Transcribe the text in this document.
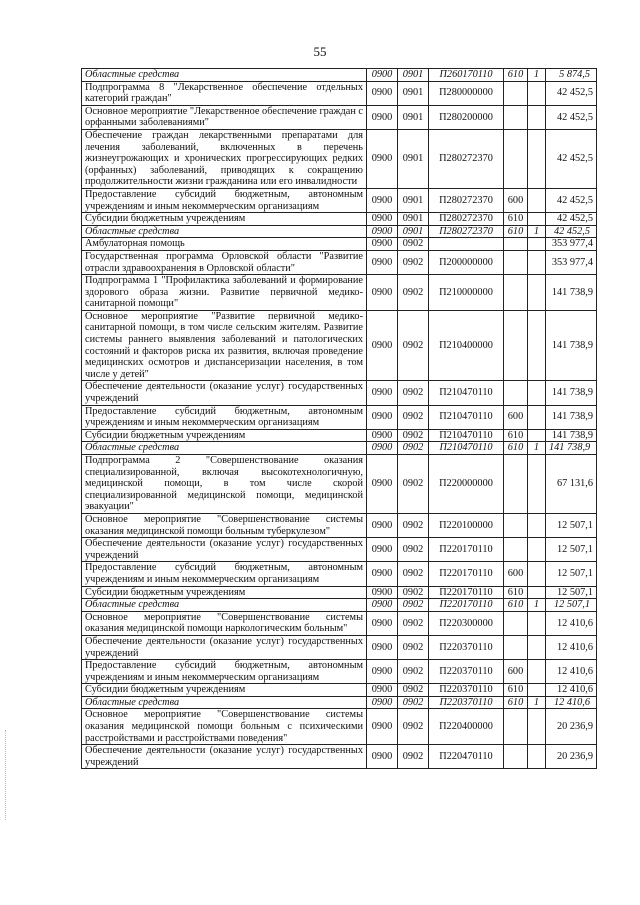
55
Областные средства	0900	0901	П260170110	610	1	5 874,5
Подпрограмма 8 "Лекарственное обеспечение отдельных категорий граждан"	0900	0901	П280000000			42 452,5
Основное мероприятие "Лекарственное обеспечение граждан с орфанными заболеваниями"	0900	0901	П280200000			42 452,5
Обеспечение граждан лекарственными препаратами для лечения заболеваний, включенных в перечень жизнеугрожающих и хронических прогрессирующих редких (орфанных) заболеваний, приводящих к сокращению продолжительности жизни гражданина или его инвалидности	0900	0901	П280272370			42 452,5
Предоставление субсидий бюджетным, автономным учреждениям и иным некоммерческим организациям	0900	0901	П280272370	600		42 452,5
Субсидии бюджетным учреждениям	0900	0901	П280272370	610		42 452,5
Областные средства	0900	0901	П280272370	610	1	42 452,5
Амбулаторная помощь	0900	0902				353 977,4
Государственная программа Орловской области "Развитие отрасли здравоохранения в Орловской области"	0900	0902	П200000000			353 977,4
Подпрограмма 1 "Профилактика заболеваний и формирование здорового образа жизни. Развитие первичной медико-санитарной помощи"	0900	0902	П210000000			141 738,9
Основное мероприятие "Развитие первичной медико-санитарной помощи, в том числе сельским жителям. Развитие системы раннего выявления заболеваний и патологических состояний и факторов риска их развития, включая проведение медицинских осмотров и диспансеризации населения, в том числе у детей"	0900	0902	П210400000			141 738,9
Обеспечение деятельности (оказание услуг) государственных учреждений	0900	0902	П210470110			141 738,9
Предоставление субсидий бюджетным, автономным учреждениям и иным некоммерческим организациям	0900	0902	П210470110	600		141 738,9
Субсидии бюджетным учреждениям	0900	0902	П210470110	610		141 738,9
Областные средства	0900	0902	П210470110	610	1	141 738,9
Подпрограмма 2 "Совершенствование оказания специализированной, включая высокотехнологичную, медицинской помощи, в том числе скорой специализированной медицинской помощи, медицинской эвакуации"	0900	0902	П220000000			67 131,6
Основное мероприятие "Совершенствование системы оказания медицинской помощи больным туберкулезом"	0900	0902	П220100000			12 507,1
Обеспечение деятельности (оказание услуг) государственных учреждений	0900	0902	П220170110			12 507,1
Предоставление субсидий бюджетным, автономным учреждениям и иным некоммерческим организациям	0900	0902	П220170110	600		12 507,1
Субсидии бюджетным учреждениям	0900	0902	П220170110	610		12 507,1
Областные средства	0900	0902	П220170110	610	1	12 507,1
Основное мероприятие "Совершенствование системы оказания медицинской помощи наркологическим больным"	0900	0902	П220300000			12 410,6
Обеспечение деятельности (оказание услуг) государственных учреждений	0900	0902	П220370110			12 410,6
Предоставление субсидий бюджетным, автономным учреждениям и иным некоммерческим организациям	0900	0902	П220370110	600		12 410,6
Субсидии бюджетным учреждениям	0900	0902	П220370110	610		12 410,6
Областные средства	0900	0902	П220370110	610	1	12 410,6
Основное мероприятие "Совершенствование системы оказания медицинской помощи больным с психическими расстройствами и расстройствами поведения"	0900	0902	П220400000			20 236,9
Обеспечение деятельности (оказание услуг) государственных учреждений	0900	0902	П220470110			20 236,9
